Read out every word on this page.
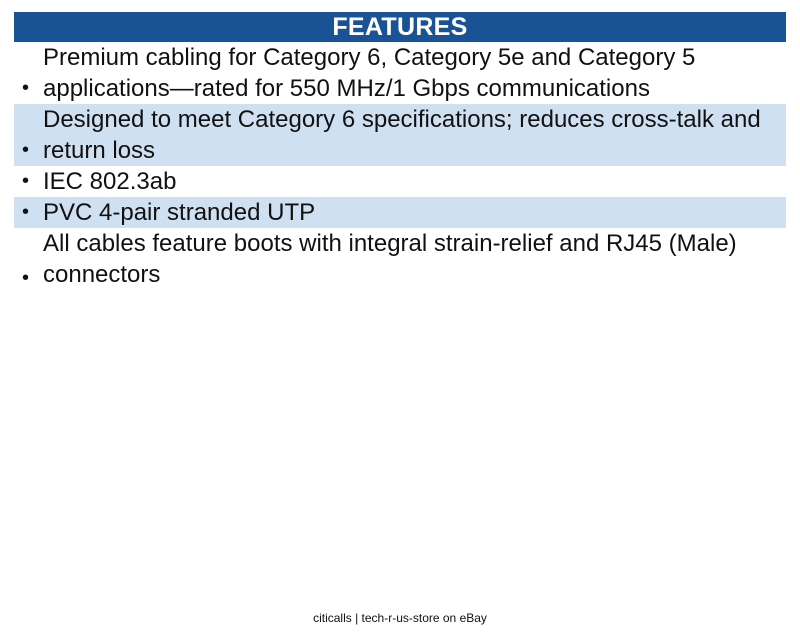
FEATURES
•
Premium cabling for Category 6, Category 5e and Category 5 applications—rated for 550 MHz/1 Gbps communications
•
Designed to meet Category 6 specifications; reduces cross-talk and return loss
• IEC 802.3ab
• PVC 4-pair stranded UTP
•
All cables feature boots with integral strain-relief and RJ45 (Male) connectors
citicalls | tech-r-us-store on eBay
